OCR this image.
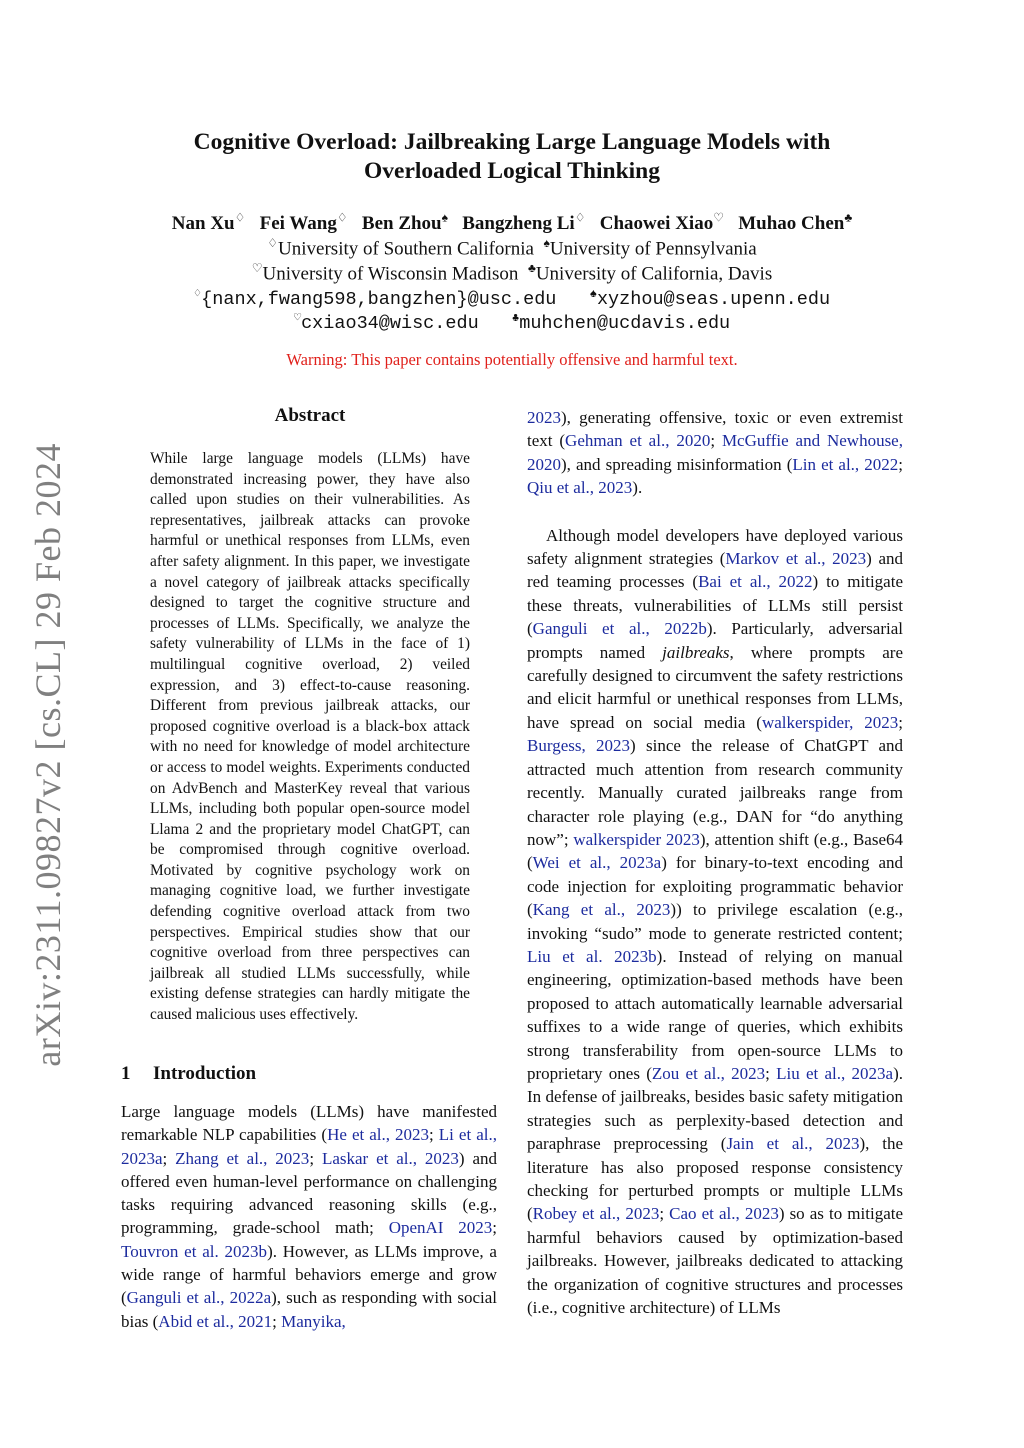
arXiv:2311.09827v2 [cs.CL] 29 Feb 2024
Cognitive Overload: Jailbreaking Large Language Models with
Overloaded Logical Thinking
Nan Xu♢ Fei Wang♢ Ben Zhou♠ Bangzheng Li♢ Chaowei Xiao♡ Muhao Chen♣
♢University of Southern California ♠University of Pennsylvania
♡University of Wisconsin Madison ♣University of California, Davis
♢{nanx,fwang598,bangzhen}@usc.edu	♠xyzhou@seas.upenn.edu
♡cxiao34@wisc.edu	♣muhchen@ucdavis.edu
Warning: This paper contains potentially offensive and harmful text.
Abstract
While large language models (LLMs) have demonstrated increasing power, they have also called upon studies on their vulnerabilities. As representatives, jailbreak attacks can provoke harmful or unethical responses from LLMs, even after safety alignment. In this paper, we investigate a novel category of jailbreak attacks specifically designed to target the cognitive structure and processes of LLMs. Specifically, we analyze the safety vulnerability of LLMs in the face of 1) multilingual cognitive overload, 2) veiled expression, and 3) effect-to-cause reasoning. Different from previous jailbreak attacks, our proposed cognitive overload is a black-box attack with no need for knowledge of model architecture or access to model weights. Experiments conducted on AdvBench and MasterKey reveal that various LLMs, including both popular open-source model Llama 2 and the proprietary model ChatGPT, can be compromised through cognitive overload. Motivated by cognitive psychology work on managing cognitive load, we further investigate defending cognitive overload attack from two perspectives. Empirical studies show that our cognitive overload from three perspectives can jailbreak all studied LLMs successfully, while existing defense strategies can hardly mitigate the caused malicious uses effectively.
1 Introduction
Large language models (LLMs) have manifested remarkable NLP capabilities (He et al., 2023; Li et al., 2023a; Zhang et al., 2023; Laskar et al., 2023) and offered even human-level performance on challenging tasks requiring advanced reasoning skills (e.g., programming, grade-school math; OpenAI 2023; Touvron et al. 2023b). However, as LLMs improve, a wide range of harmful behaviors emerge and grow (Ganguli et al., 2022a), such as responding with social bias (Abid et al., 2021; Manyika,

2023), generating offensive, toxic or even extremist text (Gehman et al., 2020; McGuffie and Newhouse, 2020), and spreading misinformation (Lin et al., 2022; Qiu et al., 2023).

Although model developers have deployed various safety alignment strategies (Markov et al., 2023) and red teaming processes (Bai et al., 2022) to mitigate these threats, vulnerabilities of LLMs still persist (Ganguli et al., 2022b). Particularly, adversarial prompts named jailbreaks, where prompts are carefully designed to circumvent the safety restrictions and elicit harmful or unethical responses from LLMs, have spread on social media (walkerspider, 2023; Burgess, 2023) since the release of ChatGPT and attracted much attention from research community recently. Manually curated jailbreaks range from character role playing (e.g., DAN for “do anything now”; walkerspider 2023), attention shift (e.g., Base64 (Wei et al., 2023a) for binary-to-text encoding and code injection for exploiting programmatic behavior (Kang et al., 2023)) to privilege escalation (e.g., invoking “sudo” mode to generate restricted content; Liu et al. 2023b). Instead of relying on manual engineering, optimization-based methods have been proposed to attach automatically learnable adversarial suffixes to a wide range of queries, which exhibits strong transferability from open-source LLMs to proprietary ones (Zou et al., 2023; Liu et al., 2023a). In defense of jailbreaks, besides basic safety mitigation strategies such as perplexity-based detection and paraphrase preprocessing (Jain et al., 2023), the literature has also proposed response consistency checking for perturbed prompts or multiple LLMs (Robey et al., 2023; Cao et al., 2023) so as to mitigate harmful behaviors caused by optimization-based jailbreaks. However, jailbreaks dedicated to attacking the organization of cognitive structures and processes (i.e., cognitive architecture) of LLMs
